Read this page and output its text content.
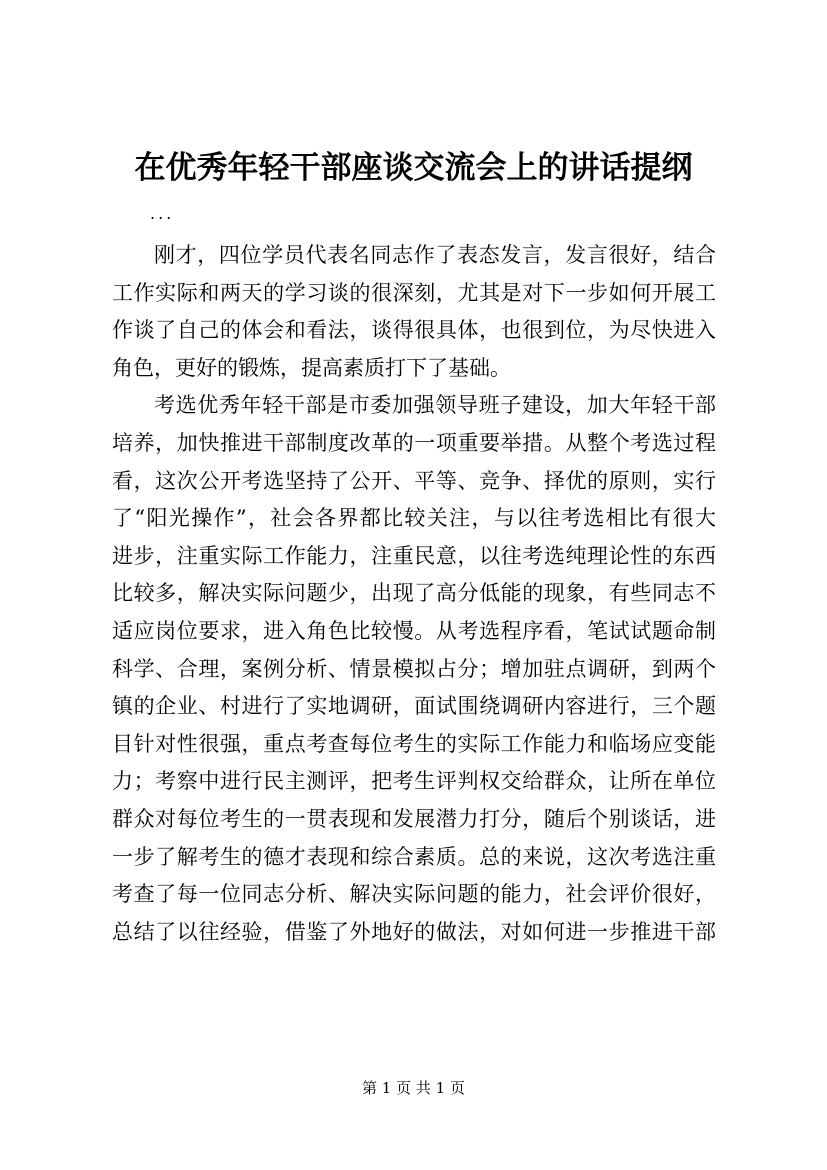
在优秀年轻干部座谈交流会上的讲话提纲
...

刚才，四位学员代表名同志作了表态发言，发言很好，结合
工作实际和两天的学习谈的很深刻，尤其是对下一步如何开展工
作谈了自己的体会和看法，谈得很具体，也很到位，为尽快进入
角色，更好的锻炼，提高素质打下了基础。

考选优秀年轻干部是市委加强领导班子建设，加大年轻干部
培养，加快推进干部制度改革的一项重要举措。从整个考选过程
看，这次公开考选坚持了公开、平等、竞争、择优的原则，实行
了“阳光操作”，社会各界都比较关注，与以往考选相比有很大
进步，注重实际工作能力，注重民意，以往考选纯理论性的东西
比较多，解决实际问题少，出现了高分低能的现象，有些同志不
适应岗位要求，进入角色比较慢。从考选程序看，笔试试题命制
科学、合理，案例分析、情景模拟占分；增加驻点调研，到两个
镇的企业、村进行了实地调研，面试围绕调研内容进行，三个题
目针对性很强，重点考查每位考生的实际工作能力和临场应变能
力；考察中进行民主测评，把考生评判权交给群众，让所在单位
群众对每位考生的一贯表现和发展潜力打分，随后个别谈话，进
一步了解考生的德才表现和综合素质。总的来说，这次考选注重
考查了每一位同志分析、解决实际问题的能力，社会评价很好，
总结了以往经验，借鉴了外地好的做法，对如何进一步推进干部

第 1 页 共 1 页
